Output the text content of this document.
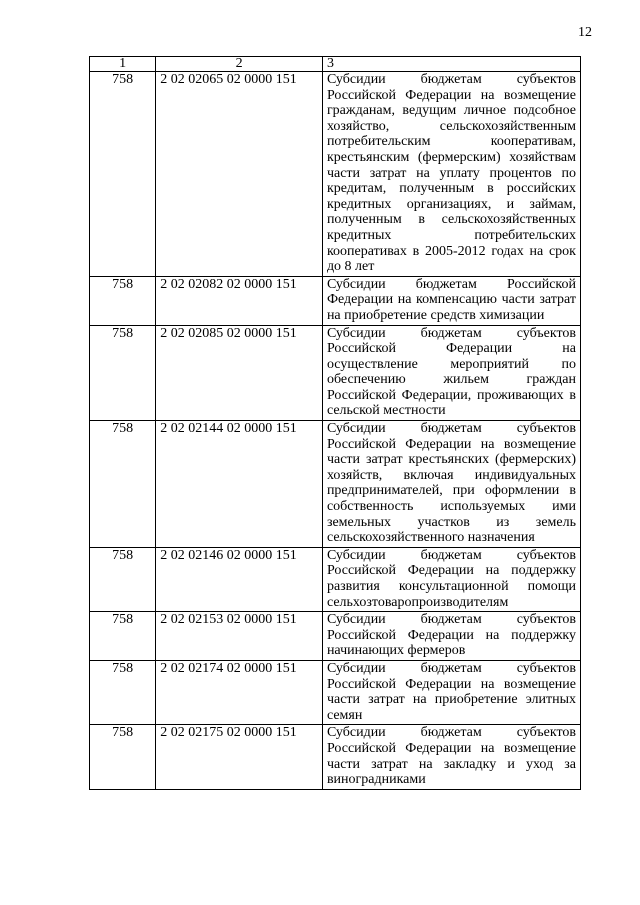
12
1	2	3
758	2 02 02065 02 0000 151	Субсидии бюджетам субъектов Российской Федерации на возмещение гражданам, ведущим личное подсобное хозяйство, сельскохозяйственным потребительским кооперативам, крестьянским (фермерским) хозяйствам части затрат на уплату процентов по кредитам, полученным в российских кредитных организациях, и займам, полученным в сельскохозяйственных кредитных потребительских кооперативах в 2005-2012 годах на срок до 8 лет
758	2 02 02082 02 0000 151	Субсидии бюджетам Российской Федерации на компенсацию части затрат на приобретение средств химизации
758	2 02 02085 02 0000 151	Субсидии бюджетам субъектов Российской Федерации на осуществление мероприятий по обеспечению жильем граждан Российской Федерации, проживающих в сельской местности
758	2 02 02144 02 0000 151	Субсидии бюджетам субъектов Российской Федерации на возмещение части затрат крестьянских (фермерских) хозяйств, включая индивидуальных предпринимателей, при оформлении в собственность используемых ими земельных участков из земель сельскохозяйственного назначения
758	2 02 02146 02 0000 151	Субсидии бюджетам субъектов Российской Федерации на поддержку развития консультационной помощи сельхозтоваропроизводителям
758	2 02 02153 02 0000 151	Субсидии бюджетам субъектов Российской Федерации на поддержку начинающих фермеров
758	2 02 02174 02 0000 151	Субсидии бюджетам субъектов Российской Федерации на возмещение части затрат на приобретение элитных семян
758	2 02 02175 02 0000 151	Субсидии бюджетам субъектов Российской Федерации на возмещение части затрат на закладку и уход за виноградниками
